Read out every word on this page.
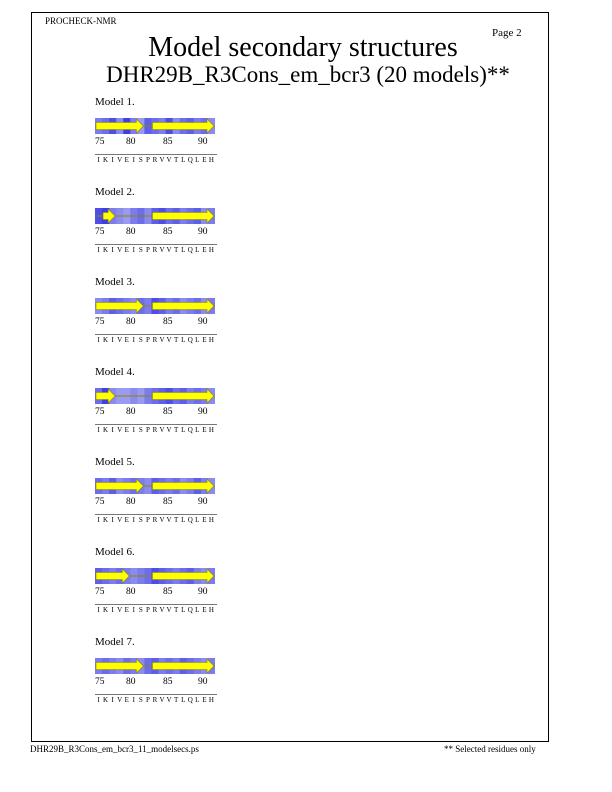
PROCHECK-NMR
Page 2
Model secondary structures
DHR29B_R3Cons_em_bcr3 (20 models)**
Model 1.
75 80	85	90
I K I V E I S P R V V T L Q L E H
Model 2.
75 80	85	90
I K I V E I S P R V V T L Q L E H
Model 3.
75 80	85	90
I K I V E I S P R V V T L Q L E H
Model 4.
75 80	85	90
I K I V E I S P R V V T L Q L E H
Model 5.
75 80	85	90
I K I V E I S P R V V T L Q L E H
Model 6.
75 80	85	90
I K I V E I S P R V V T L Q L E H
Model 7.
75 80	85	90
I K I V E I S P R V V T L Q L E H
DHR29B_R3Cons_em_bcr3_11_modelsecs.ps	** Selected residues only
